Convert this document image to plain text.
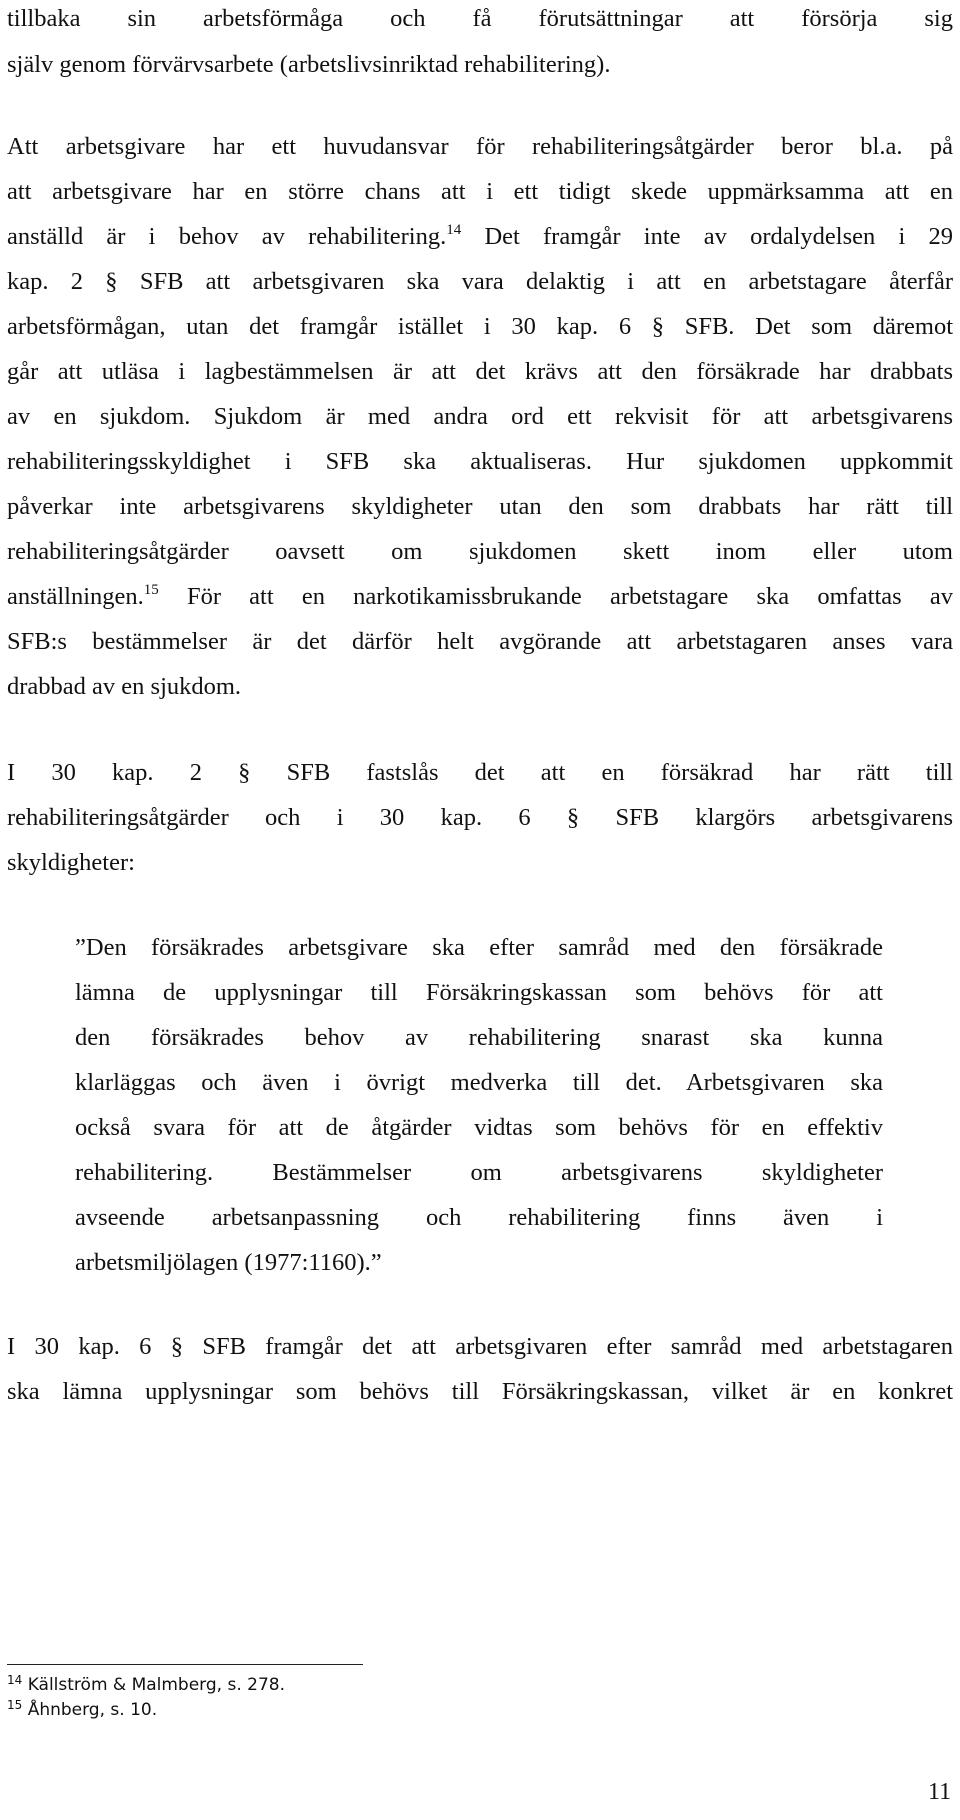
tillbaka sin arbetsförmåga och få förutsättningar att försörja sig
själv genom förvärvsarbete (arbetslivsinriktad rehabilitering).
Att arbetsgivare har ett huvudansvar för rehabiliteringsåtgärder beror bl.a. på
att arbetsgivare har en större chans att i ett tidigt skede uppmärksamma att en
anställd är i behov av rehabilitering.$^{14}$ Det framgår inte av ordalydelsen i 29
kap. 2 § SFB att arbetsgivaren ska vara delaktig i att en arbetstagare återfår
arbetsförmågan, utan det framgår istället i 30 kap. 6 § SFB. Det som däremot
går att utläsa i lagbestämmelsen är att det krävs att den försäkrade har drabbats
av en sjukdom. Sjukdom är med andra ord ett rekvisit för att arbetsgivarens
rehabiliteringsskyldighet i SFB ska aktualiseras. Hur sjukdomen uppkommit
påverkar inte arbetsgivarens skyldigheter utan den som drabbats har rätt till
rehabiliteringsåtgärder oavsett om sjukdomen skett inom eller utom
anställningen.$^{15}$ För att en narkotikamissbrukande arbetstagare ska omfattas av
SFB:s bestämmelser är det därför helt avgörande att arbetstagaren anses vara
drabbad av en sjukdom.
I 30 kap. 2 § SFB fastslås det att en försäkrad har rätt till
rehabiliteringsåtgärder och i 30 kap. 6 § SFB klargörs arbetsgivarens
skyldigheter:
”Den försäkrades arbetsgivare ska efter samråd med den försäkrade
lämna de upplysningar till Försäkringskassan som behövs för att
den försäkrades behov av rehabilitering snarast ska kunna
klarläggas och även i övrigt medverka till det. Arbetsgivaren ska
också svara för att de åtgärder vidtas som behövs för en effektiv
rehabilitering. Bestämmelser om arbetsgivarens skyldigheter
avseende arbetsanpassning och rehabilitering finns även i
arbetsmiljölagen (1977:1160).”
I 30 kap. 6 § SFB framgår det att arbetsgivaren efter samråd med arbetstagaren
ska lämna upplysningar som behövs till Försäkringskassan, vilket är en konkret
$^{14}$ Källström & Malmberg, s. 278.
$^{15}$ Åhnberg, s. 10.
11
